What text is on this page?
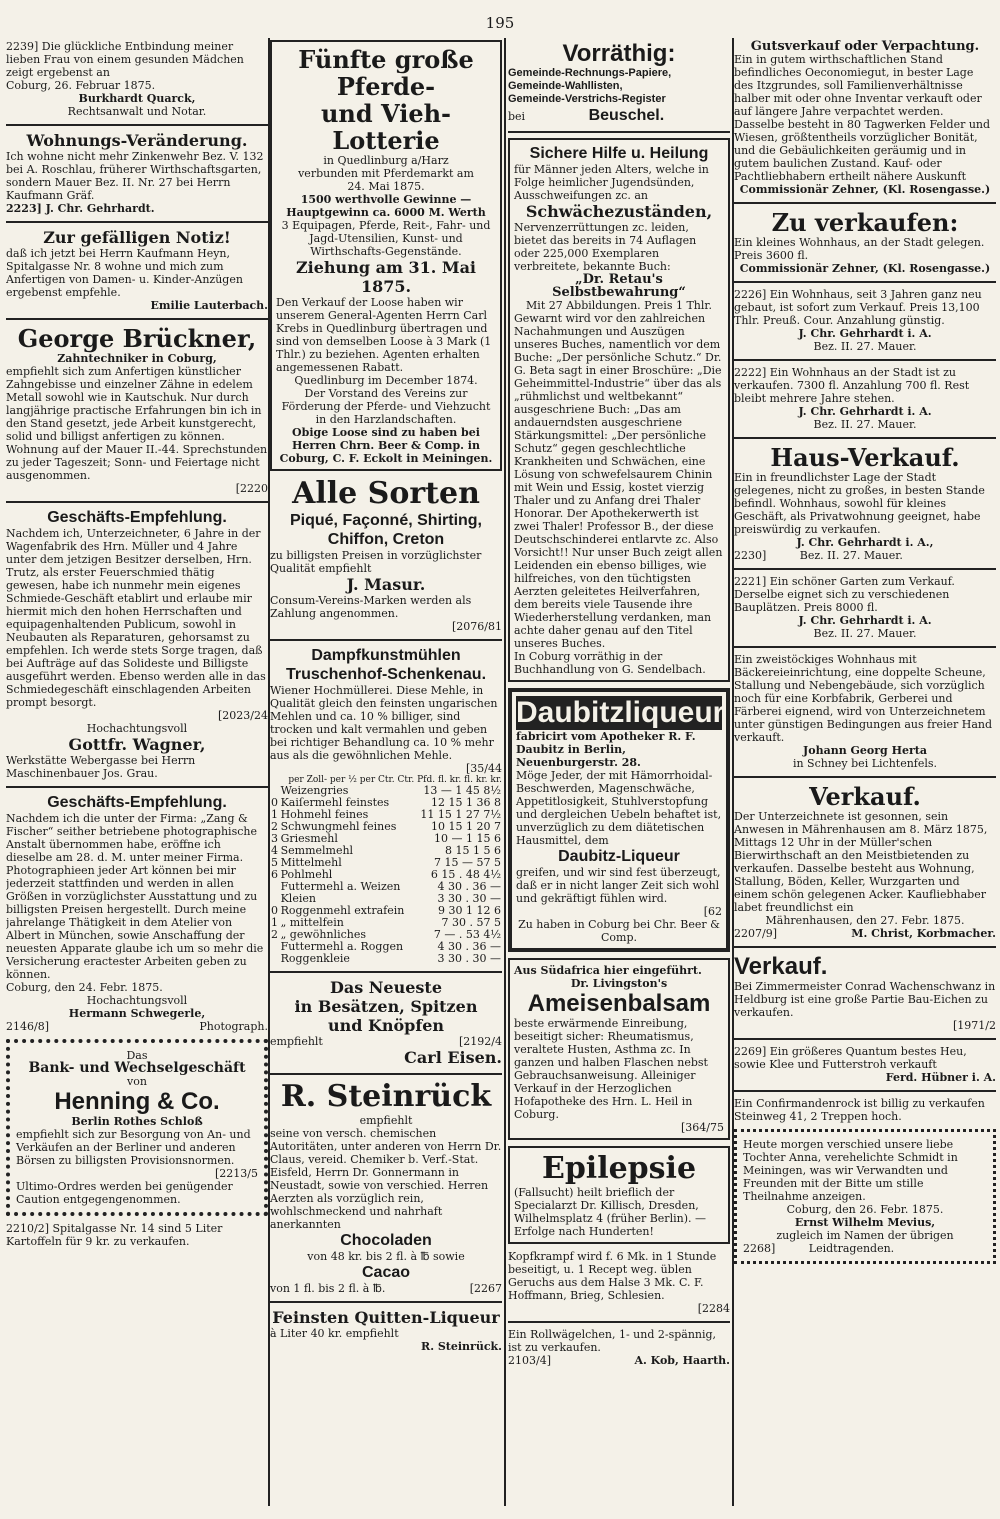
195

2239] Die glückliche Entbindung meiner lieben Frau von einem gesunden Mädchen zeigt ergebenst an

Coburg, 26. Februar 1875.

Burkhardt Quarck,

Rechtsanwalt und Notar.

Wohnungs-Veränderung.

Ich wohne nicht mehr Zinkenwehr Bez. V. 132 bei A. Roschlau, früherer Wirthschaftsgarten, sondern Mauer Bez. II. Nr. 27 bei Herrn Kaufmann Gräf.

2223] J. Chr. Gehrhardt.

Zur gefälligen Notiz!

daß ich jetzt bei Herrn Kaufmann Heyn, Spitalgasse Nr. 8 wohne und mich zum Anfertigen von Damen- u. Kinder-Anzügen ergebenst empfehle.

Emilie Lauterbach.

George Brückner,

Zahntechniker in Coburg,

empfiehlt sich zum Anfertigen künstlicher Zahngebisse und einzelner Zähne in edelem Metall sowohl wie in Kautschuk. Nur durch langjährige practische Erfahrungen bin ich in den Stand gesetzt, jede Arbeit kunstgerecht, solid und billigst anfertigen zu können. Wohnung auf der Mauer II.-44. Sprechstunden zu jeder Tageszeit; Sonn- und Feiertage nicht ausgenommen.

[2220

Geschäfts-Empfehlung.

Nachdem ich, Unterzeichneter, 6 Jahre in der Wagenfabrik des Hrn. Müller und 4 Jahre unter dem jetzigen Besitzer derselben, Hrn. Trutz, als erster Feuerschmied thätig gewesen, habe ich nunmehr mein eigenes Schmiede-Geschäft etablirt und erlaube mir hiermit mich den hohen Herrschaften und equipagenhaltenden Publicum, sowohl in Neubauten als Reparaturen, gehorsamst zu empfehlen. Ich werde stets Sorge tragen, daß bei Aufträge auf das Solideste und Billigste ausgeführt werden. Ebenso werden alle in das Schmiedegeschäft einschlagenden Arbeiten prompt besorgt.

[2023/24

Hochachtungsvoll

Gottfr. Wagner,

Werkstätte Webergasse bei Herrn Maschinenbauer Jos. Grau.

Geschäfts-Empfehlung.

Nachdem ich die unter der Firma: „Zang & Fischer“ seither betriebene photographische Anstalt übernommen habe, eröffne ich dieselbe am 28. d. M. unter meiner Firma. Photographieen jeder Art können bei mir jederzeit stattfinden und werden in allen Größen in vorzüglichster Ausstattung und zu billigsten Preisen hergestellt. Durch meine jahrelange Thätigkeit in dem Atelier von Albert in München, sowie Anschaffung der neuesten Apparate glaube ich um so mehr die Versicherung eractester Arbeiten geben zu können.

Coburg, den 24. Febr. 1875.

Hochachtungsvoll

Hermann Schwegerle,

2146/8]	Photograph.

Das

Bank- und Wechselgeschäft

von

Henning & Co.

Berlin Rothes Schloß

empfiehlt sich zur Besorgung von An- und Verkäufen an der Berliner und anderen Börsen zu billigsten Provisionsnormen.

[2213/5

Ultimo-Ordres werden bei genügender Caution entgegengenommen.

2210/2] Spitalgasse Nr. 14 sind 5 Liter Kartoffeln für 9 kr. zu verkaufen.

Fünfte große Pferde-

und Vieh-Lotterie

in Quedlinburg a/Harz

verbunden mit Pferdemarkt am

24. Mai 1875.

1500 werthvolle Gewinne — Hauptgewinn ca. 6000 M. Werth

3 Equipagen, Pferde, Reit-, Fahr- und Jagd-Utensilien, Kunst- und Wirthschafts-Gegenstände.

Ziehung am 31. Mai 1875.

Den Verkauf der Loose haben wir unserem General-Agenten Herrn Carl Krebs in Quedlinburg übertragen und sind von demselben Loose à 3 Mark (1 Thlr.) zu beziehen. Agenten erhalten angemessenen Rabatt.

Quedlinburg im December 1874.

Der Vorstand des Vereins zur Förderung der Pferde- und Viehzucht in den Harzlandschaften.

Obige Loose sind zu haben bei Herren Chrn. Beer & Comp. in Coburg, C. F. Eckolt in Meiningen.

Alle Sorten

Piqué, Façonné, Shirting, Chiffon, Creton

zu billigsten Preisen in vorzüglichster Qualität empfiehlt

J. Masur.

Consum-Vereins-Marken werden als Zahlung angenommen.

[2076/81

Dampfkunstmühlen

Truschenhof-Schenkenau.

Wiener Hochmüllerei. Diese Mehle, in Qualität gleich den feinsten ungarischen Mehlen und ca. 10 % billiger, sind trocken und kalt vermahlen und geben bei richtiger Behandlung ca. 10 % mehr aus als die gewöhnlichen Mehle.

[35/44

per Zoll- per ½ per Ctr. Ctr. Pfd. fl. kr. fl. kr. kr.

	Weizengries	13 — 1 45 8½
0	Kaiſermehl feinstes	12 15 1 36 8
1	Hohmehl feines	11 15 1 27 7½
2	Schwungmehl feines	10 15 1 20 7
3	Griesmehl	10 — 1 15 6
4	Semmelmehl	8 15 1 5 6
5	Mittelmehl	7 15 — 57 5
6	Pohlmehl	6 15 . 48 4½
	Futtermehl a. Weizen	4 30 . 36 —
	Kleien	3 30 . 30 —
0	Roggenmehl extrafein	9 30 1 12 6
1	„ mittelfein	7 30 . 57 5
2	„ gewöhnliches	7 — . 53 4½
	Futtermehl a. Roggen	4 30 . 36 —
	Roggenkleie	3 30 . 30 —

Das Neueste

in Besätzen, Spitzen

und Knöpfen

empfiehlt	[2192/4

Carl Eisen.

R. Steinrück

empfiehlt

seine von versch. chemischen Autoritäten, unter anderen von Herrn Dr. Claus, vereid. Chemiker b. Verf.-Stat. Eisfeld, Herrn Dr. Gonnermann in Neustadt, sowie von verschied. Herren Aerzten als vorzüglich rein, wohlschmeckend und nahrhaft anerkannten

Chocoladen

von 48 kr. bis 2 fl. à ℔ sowie

Cacao

von 1 fl. bis 2 fl. à ℔.	[2267

Feinsten Quitten-Liqueur

à Liter 40 kr. empfiehlt

R. Steinrück.

Vorräthig:

Gemeinde-Rechnungs-Papiere,

Gemeinde-Wahllisten,

Gemeinde-Verstrichs-Register

bei	Beuschel.

Sichere Hilfe u. Heilung

für Männer jeden Alters, welche in Folge heimlicher Jugendsünden, Ausschweifungen zc. an

Schwächezuständen,

Nervenzerrüttungen zc. leiden, bietet das bereits in 74 Auflagen oder 225,000 Exemplaren verbreitete, bekannte Buch:

„Dr. Retau's Selbstbewahrung“

Mit 27 Abbildungen. Preis 1 Thlr.

Gewarnt wird vor den zahlreichen Nachahmungen und Auszügen unseres Buches, namentlich vor dem Buche: „Der persönliche Schutz.“ Dr. G. Beta sagt in einer Broschüre: „Die Geheimmittel-Industrie“ über das als „rühmlichst und weltbekannt“ ausgeschriene Buch: „Das am andauerndsten ausgeschriene Stärkungsmittel: „Der persönliche Schutz“ gegen geschlechtliche Krankheiten und Schwächen, eine Lösung von schwefelsaurem Chinin mit Wein und Essig, kostet vierzig Thaler und zu Anfang drei Thaler Honorar. Der Apothekerwerth ist zwei Thaler! Professor B., der diese Deutschschinderei entlarvte zc. Also Vorsicht!! Nur unser Buch zeigt allen Leidenden ein ebenso billiges, wie hilfreiches, von den tüchtigsten Aerzten geleitetes Heilverfahren, dem bereits viele Tausende ihre Wiederherstellung verdanken, man achte daher genau auf den Titel unseres Buches.

In Coburg vorräthig in der Buchhandlung von G. Sendelbach.

Daubitzliqueur

fabricirt vom Apotheker R. F. Daubitz in Berlin, Neuenburgerstr. 28.

Möge Jeder, der mit Hämorrhoidal-Beschwerden, Magenschwäche, Appetitlosigkeit, Stuhlverstopfung und dergleichen Uebeln behaftet ist, unverzüglich zu dem diätetischen Hausmittel, dem

Daubitz-Liqueur

greifen, und wir sind fest überzeugt, daß er in nicht langer Zeit sich wohl und gekräftigt fühlen wird.

[62

Zu haben in Coburg bei Chr. Beer & Comp.

Aus Südafrica hier eingeführt.

Dr. Livingston's

Ameisenbalsam

beste erwärmende Einreibung, beseitigt sicher: Rheumatismus, veraltete Husten, Asthma zc. In ganzen und halben Flaschen nebst Gebrauchsanweisung. Alleiniger Verkauf in der Herzoglichen Hofapotheke des Hrn. L. Heil in Coburg.

[364/75

Epilepsie

(Fallsucht) heilt brieflich der Specialarzt Dr. Killisch, Dresden, Wilhelmsplatz 4 (früher Berlin). — Erfolge nach Hunderten!

Kopfkrampf wird f. 6 Mk. in 1 Stunde beseitigt, u. 1 Recept weg. üblen Geruchs aus dem Halse 3 Mk. C. F. Hoffmann, Brieg, Schlesien.

[2284

Ein Rollwägelchen, 1- und 2-spännig, ist zu verkaufen.

2103/4]	A. Kob, Haarth.

Gutsverkauf oder Verpachtung.

Ein in gutem wirthschaftlichen Stand befindliches Oeconomiegut, in bester Lage des Itzgrundes, soll Familienverhältnisse halber mit oder ohne Inventar verkauft oder auf längere Jahre verpachtet werden. Dasselbe besteht in 80 Tagwerken Felder und Wiesen, größtentheils vorzüglicher Bonität, und die Gebäulichkeiten geräumig und in gutem baulichen Zustand. Kauf- oder Pachtliebhabern ertheilt nähere Auskunft

Commissionär Zehner, (Kl. Rosengasse.)

Zu verkaufen:

Ein kleines Wohnhaus, an der Stadt gelegen. Preis 3600 fl.

Commissionär Zehner, (Kl. Rosengasse.)

2226] Ein Wohnhaus, seit 3 Jahren ganz neu gebaut, ist sofort zum Verkauf. Preis 13,100 Thlr. Preuß. Cour. Anzahlung günstig.

J. Chr. Gehrhardt i. A.

Bez. II. 27. Mauer.

2222] Ein Wohnhaus an der Stadt ist zu verkaufen. 7300 fl. Anzahlung 700 fl. Rest bleibt mehrere Jahre stehen.

J. Chr. Gehrhardt i. A.

Bez. II. 27. Mauer.

Haus-Verkauf.

Ein in freundlichster Lage der Stadt gelegenes, nicht zu großes, in besten Stande befindl. Wohnhaus, sowohl für kleines Geschäft, als Privatwohnung geeignet, habe preiswürdig zu verkaufen.

J. Chr. Gehrhardt i. A.,

2230]	Bez. II. 27. Mauer.

2221] Ein schöner Garten zum Verkauf. Derselbe eignet sich zu verschiedenen Bauplätzen. Preis 8000 fl.

J. Chr. Gehrhardt i. A.

Bez. II. 27. Mauer.

Ein zweistöckiges Wohnhaus mit Bäckereieinrichtung, eine doppelte Scheune, Stallung und Nebengebäude, sich vorzüglich noch für eine Korbfabrik, Gerberei und Färberei eignend, wird von Unterzeichnetem unter günstigen Bedingungen aus freier Hand verkauft.

Johann Georg Herta

in Schney bei Lichtenfels.

Verkauf.

Der Unterzeichnete ist gesonnen, sein Anwesen in Mährenhausen am 8. März 1875, Mittags 12 Uhr in der Müller'schen Bierwirthschaft an den Meistbietenden zu verkaufen. Dasselbe besteht aus Wohnung, Stallung, Böden, Keller, Wurzgarten und einem schön gelegenen Acker. Kaufliebhaber labet freundlichst ein

Mährenhausen, den 27. Febr. 1875.

2207/9]	M. Christ, Korbmacher.

Verkauf.

Bei Zimmermeister Conrad Wachenschwanz in Heldburg ist eine große Partie Bau-Eichen zu verkaufen.

[1971/2

2269] Ein größeres Quantum bestes Heu, sowie Klee und Futterstroh verkauft

Ferd. Hübner i. A.

Ein Confirmandenrock ist billig zu verkaufen Steinweg 41, 2 Treppen hoch.

Heute morgen verschied unsere liebe Tochter Anna, verehelichte Schmidt in Meiningen, was wir Verwandten und Freunden mit der Bitte um stille Theilnahme anzeigen.

Coburg, den 26. Febr. 1875.

Ernst Wilhelm Mevius,

zugleich im Namen der übrigen

2268]	Leidtragenden.
